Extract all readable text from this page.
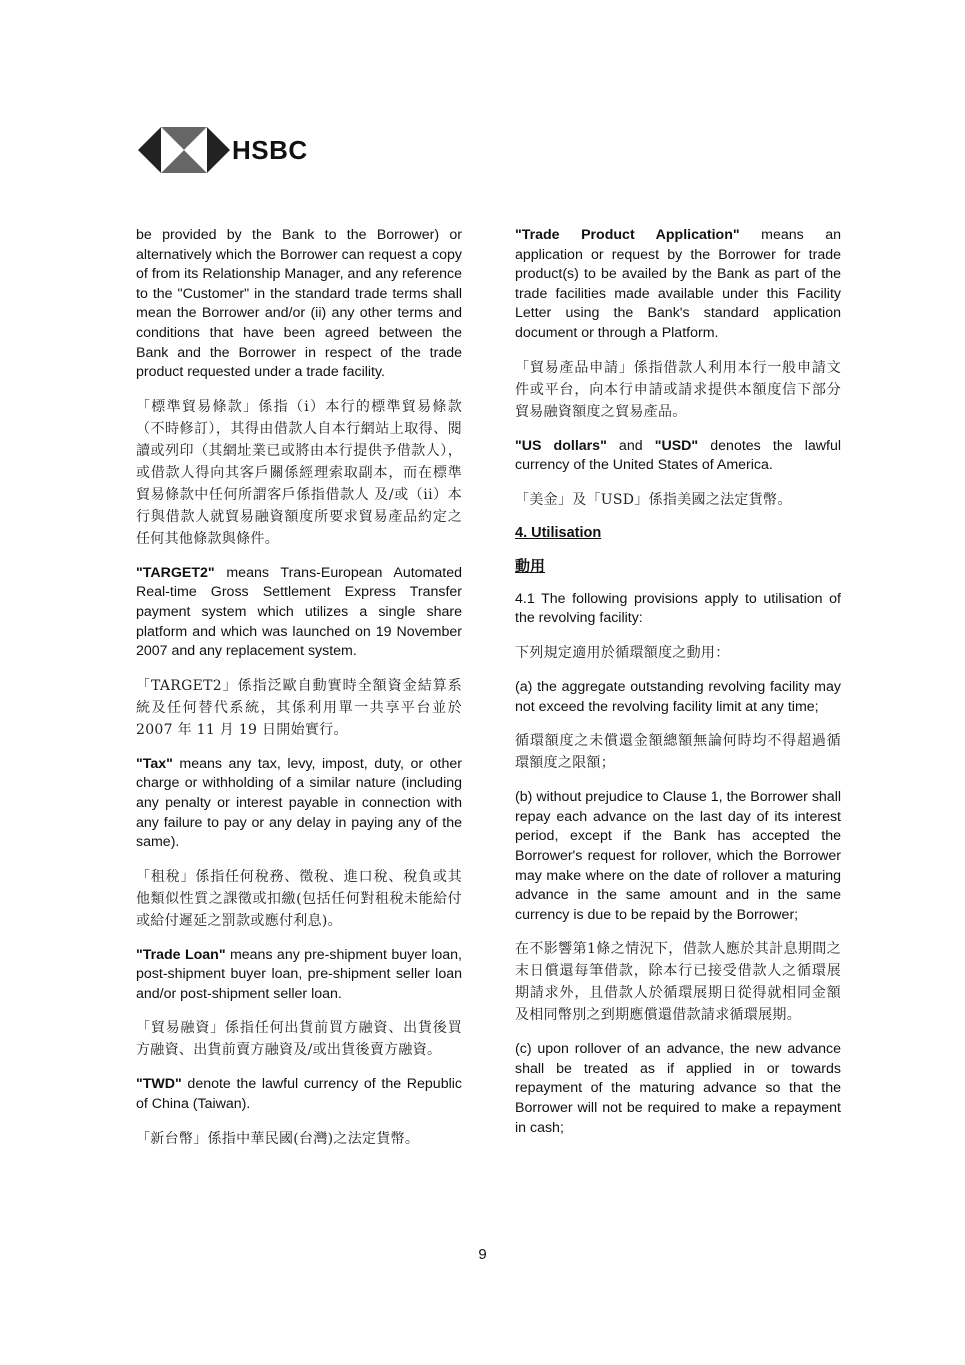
HSBC

be provided by the Bank to the Borrower) or alternatively which the Borrower can request a copy of from its Relationship Manager, and any reference to the "Customer" in the standard trade terms shall mean the Borrower and/or (ii) any other terms and conditions that have been agreed between the Bank and the Borrower in respect of the trade product requested under a trade facility.

「標準貿易條款」係指（i）本行的標準貿易條款（不時修訂），其得由借款人自本行網站上取得、閱讀或列印（其網址業已或將由本行提供予借款人），或借款人得向其客戶關係經理索取副本，而在標準貿易條款中任何所謂客戶係指借款人 及/或（ii）本行與借款人就貿易融資額度所要求貿易產品約定之任何其他條款與條件。

"TARGET2" means Trans-European Automated Real-time Gross Settlement Express Transfer payment system which utilizes a single share platform and which was launched on 19 November 2007 and any replacement system.

「TARGET2」係指泛歐自動實時全額資金結算系統及任何替代系統，其係利用單一共享平台並於 2007 年 11 月 19 日開始實行。

"Tax" means any tax, levy, impost, duty, or other charge or withholding of a similar nature (including any penalty or interest payable in connection with any failure to pay or any delay in paying any of the same).

「租稅」係指任何稅務、徵稅、進口稅、稅負或其他類似性質之課徵或扣繳(包括任何對租稅未能給付或給付遲延之罰款或應付利息)。

"Trade Loan" means any pre-shipment buyer loan, post-shipment buyer loan, pre-shipment seller loan and/or post-shipment seller loan.

「貿易融資」係指任何出貨前買方融資、出貨後買方融資、出貨前賣方融資及/或出貨後賣方融資。

"TWD" denote the lawful currency of the Republic of China (Taiwan).

「新台幣」係指中華民國(台灣)之法定貨幣。

"Trade Product Application" means an application or request by the Borrower for trade product(s) to be availed by the Bank as part of the trade facilities made available under this Facility Letter using the Bank's standard application document or through a Platform.

「貿易產品申請」係指借款人利用本行一般申請文件或平台，向本行申請或請求提供本額度信下部分貿易融資額度之貿易產品。

"US dollars" and "USD" denotes the lawful currency of the United States of America.

「美金」及「USD」係指美國之法定貨幣。

4. Utilisation
動用

4.1 The following provisions apply to utilisation of the revolving facility:

下列規定適用於循環額度之動用：

(a) the aggregate outstanding revolving facility may not exceed the revolving facility limit at any time;

循環額度之未償還金額總額無論何時均不得超過循環額度之限額；

(b) without prejudice to Clause 1, the Borrower shall repay each advance on the last day of its interest period, except if the Bank has accepted the Borrower's request for rollover, which the Borrower may make where on the date of rollover a maturing advance in the same amount and in the same currency is due to be repaid by the Borrower;

在不影響第1條之情況下，借款人應於其計息期間之末日償還每筆借款，除本行已接受借款人之循環展期請求外，且借款人於循環展期日從得就相同金額及相同幣別之到期應償還借款請求循環展期。

(c) upon rollover of an advance, the new advance shall be treated as if applied in or towards repayment of the maturing advance so that the Borrower will not be required to make a repayment in cash;

9
